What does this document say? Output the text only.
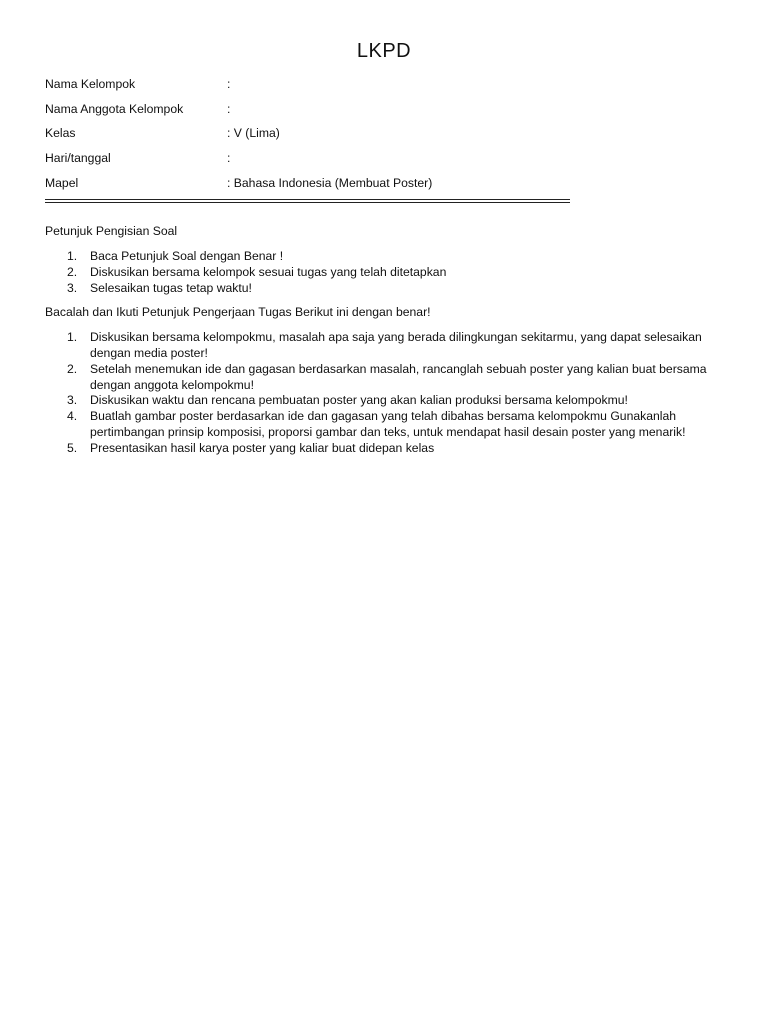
LKPD
Nama Kelompok	:
Nama Anggota Kelompok	:
Kelas	: V (Lima)
Hari/tanggal	:
Mapel	: Bahasa Indonesia (Membuat Poster)
Petunjuk Pengisian Soal
1.	Baca Petunjuk Soal dengan Benar !
2.	Diskusikan bersama kelompok sesuai tugas yang telah ditetapkan
3.	Selesaikan tugas tetap waktu!
Bacalah dan Ikuti Petunjuk Pengerjaan Tugas Berikut ini dengan benar!
1.	Diskusikan bersama kelompokmu, masalah apa saja yang berada dilingkungan sekitarmu, yang dapat selesaikan dengan media poster!
2.	Setelah menemukan ide dan gagasan berdasarkan masalah, rancanglah sebuah poster yang kalian buat bersama dengan anggota kelompokmu!
3.	Diskusikan waktu dan rencana pembuatan poster yang akan kalian produksi bersama kelompokmu!
4.	Buatlah gambar poster berdasarkan ide dan gagasan yang telah dibahas bersama kelompokmu Gunakanlah pertimbangan prinsip komposisi, proporsi gambar dan teks, untuk mendapat hasil desain poster yang menarik!
5.	Presentasikan hasil karya poster yang kaliar buat didepan kelas
